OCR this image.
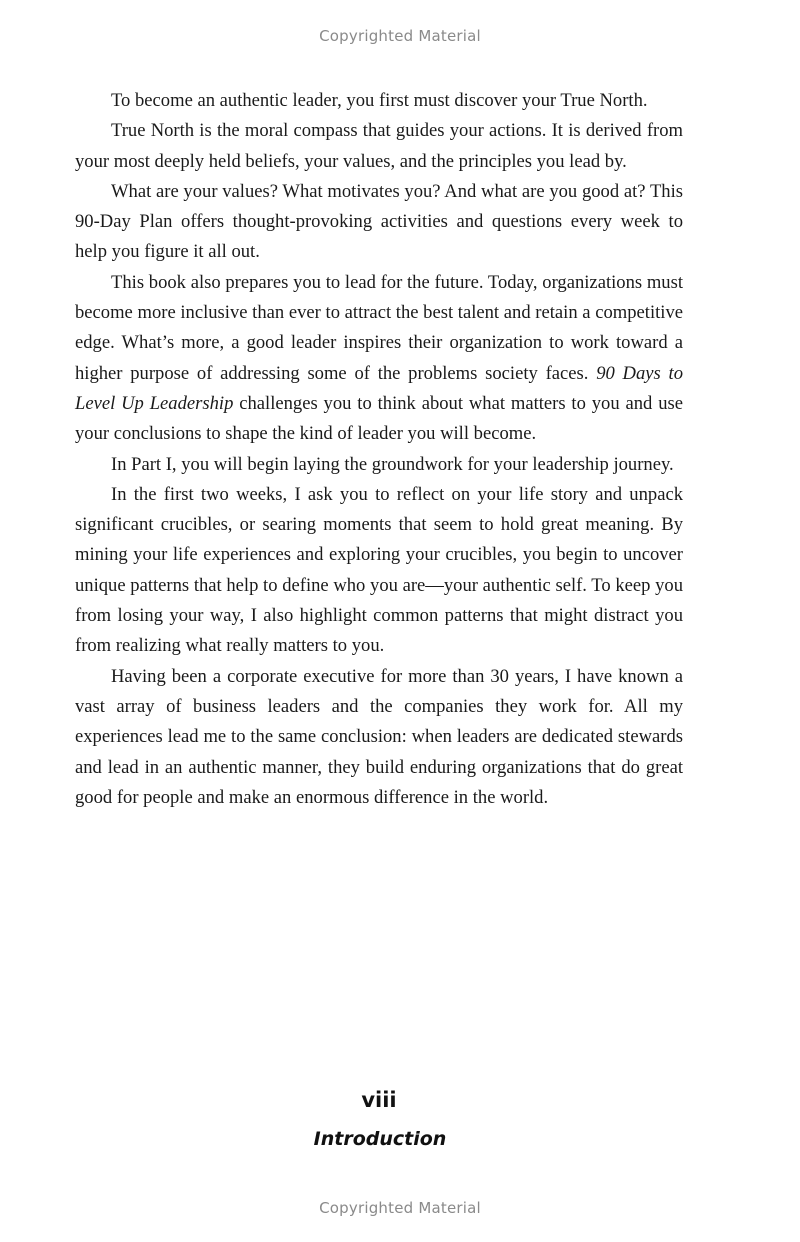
Copyrighted Material

To become an authentic leader, you first must discover your True North.

True North is the moral compass that guides your actions. It is derived from your most deeply held beliefs, your values, and the principles you lead by.

What are your values? What motivates you? And what are you good at? This 90-Day Plan offers thought-provoking activities and questions every week to help you figure it all out.

This book also prepares you to lead for the future. Today, organizations must become more inclusive than ever to attract the best talent and retain a competitive edge. What’s more, a good leader inspires their organization to work toward a higher purpose of addressing some of the problems society faces. 90 Days to Level Up Leadership challenges you to think about what matters to you and use your conclusions to shape the kind of leader you will become.

In Part I, you will begin laying the groundwork for your leadership journey.

In the first two weeks, I ask you to reflect on your life story and unpack significant crucibles, or searing moments that seem to hold great meaning. By mining your life experiences and exploring your crucibles, you begin to uncover unique patterns that help to define who you are—your authentic self. To keep you from losing your way, I also highlight common patterns that might distract you from realizing what really matters to you.

Having been a corporate executive for more than 30 years, I have known a vast array of business leaders and the companies they work for. All my experiences lead me to the same conclusion: when leaders are dedicated stewards and lead in an authentic manner, they build enduring organizations that do great good for people and make an enormous difference in the world.

viii
Introduction
Copyrighted Material
